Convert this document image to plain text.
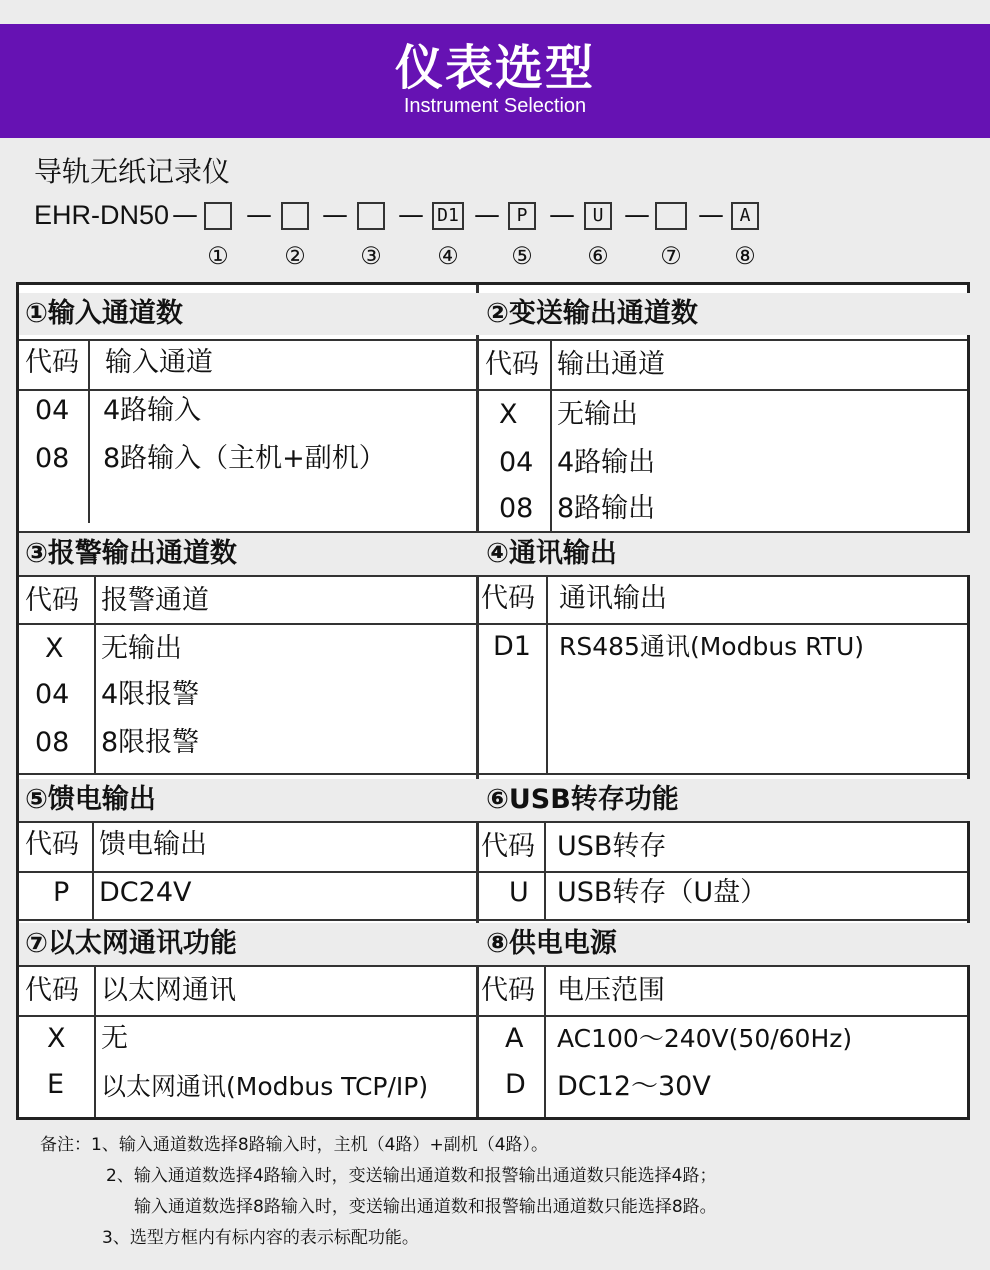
仪表选型
Instrument Selection
导轨无纸记录仪
EHR-DN50 — — — — D1 — P — U — — A
① ② ③ ④ ⑤ ⑥ ⑦ ⑧
①输入通道数	②变送输出通道数
代码 输入通道	代码 输出通道
04 4路输入
08 8路输入（主机+副机）
X 无输出
04 4路输出
08 8路输出
③报警输出通道数	④通讯输出
代码 报警通道	代码 通讯输出
X 无输出
04 4限报警
08 8限报警
D1 RS485通讯(Modbus RTU)
⑤馈电输出	⑥USB转存功能
代码 馈电输出	代码 USB转存
P DC24V	U USB转存（U盘）
⑦以太网通讯功能	⑧供电电源
代码 以太网通讯	代码 电压范围
X 无
E 以太网通讯(Modbus TCP/IP)
A AC100～240V(50/60Hz)
D DC12～30V
备注：1、输入通道数选择8路输入时，主机（4路）+副机（4路）。
2、输入通道数选择4路输入时，变送输出通道数和报警输出通道数只能选择4路；
输入通道数选择8路输入时，变送输出通道数和报警输出通道数只能选择8路。
3、选型方框内有标内容的表示标配功能。
